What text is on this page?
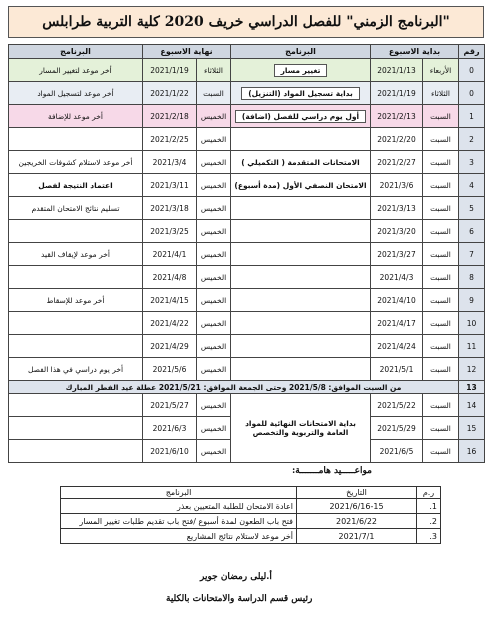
"البرنامج الزمني" للفصل الدراسي خريف 2020 كلية التربية طرابلس
رقم	بداية الاسبوع		البرنامج	نهاية الاسبوع		البرنامج
0	الأربعاء	2021/1/13	تغيير مسار	الثلاثاء	2021/1/19	أخر موعد لتغيير المسار
0	الثلاثاء	2021/1/19	بداية تسجيل المواد (التنزيل)	السبت	2021/1/22	أخر موعد لتسجيل المواد
1	السبت	2021/2/13	أول يوم دراسي للفصل (اضافة)	الخميس	2021/2/18	أخر موعد للإضافة
2	السبت	2021/2/20		الخميس	2021/2/25	
3	السبت	2021/2/27	الامتحانات المتقدمة ( التكميلي )	الخميس	2021/3/4	أخر موعد لاستلام كشوفات الخريجين
4	السبت	2021/3/6	الامتحان النصفي الأول (مدة أسبوع)	الخميس	2021/3/11	اعتماد النتيجة لفصل
5	السبت	2021/3/13		الخميس	2021/3/18	تسليم نتائج الامتحان المتقدم
6	السبت	2021/3/20		الخميس	2021/3/25	
7	السبت	2021/3/27		الخميس	2021/4/1	أخر موعد لإيقاف القيد
8	السبت	2021/4/3		الخميس	2021/4/8	
9	السبت	2021/4/10		الخميس	2021/4/15	أخر موعد للإسقاط
10	السبت	2021/4/17		الخميس	2021/4/22	
11	السبت	2021/4/24		الخميس	2021/4/29	
12	السبت	2021/5/1		الخميس	2021/5/6	أخر يوم دراسي في هذا الفصل
13	من السبت الموافق: 2021/5/8 وحتى الجمعة الموافق: 2021/5/21 عطلة عيد الفطر المبارك					
14	السبت	2021/5/22	بداية الامتحانات النهائية للمواد العامة والتربوية والتخصص	الخميس	2021/5/27	
15	السبت	2021/5/29		الخميس	2021/6/3	
16	السبت	2021/6/5		الخميس	2021/6/10	
مواعـــــيد هامـــــــة:
ر.م	التاريخ	البرنامج
1.	2021/6/16-15	اعادة الامتحان للطلبة المتعيين بعذر
2.	2021/6/22	فتح باب الطعون لمدة أسبوع /فتح باب تقديم طلبات تغيير المسار
3.	2021/7/1	أخر موعد لاستلام نتائج المشاريع
أ.ليلى رمضان جوير
رئيس قسم الدراسة والامتحانات بالكلية
